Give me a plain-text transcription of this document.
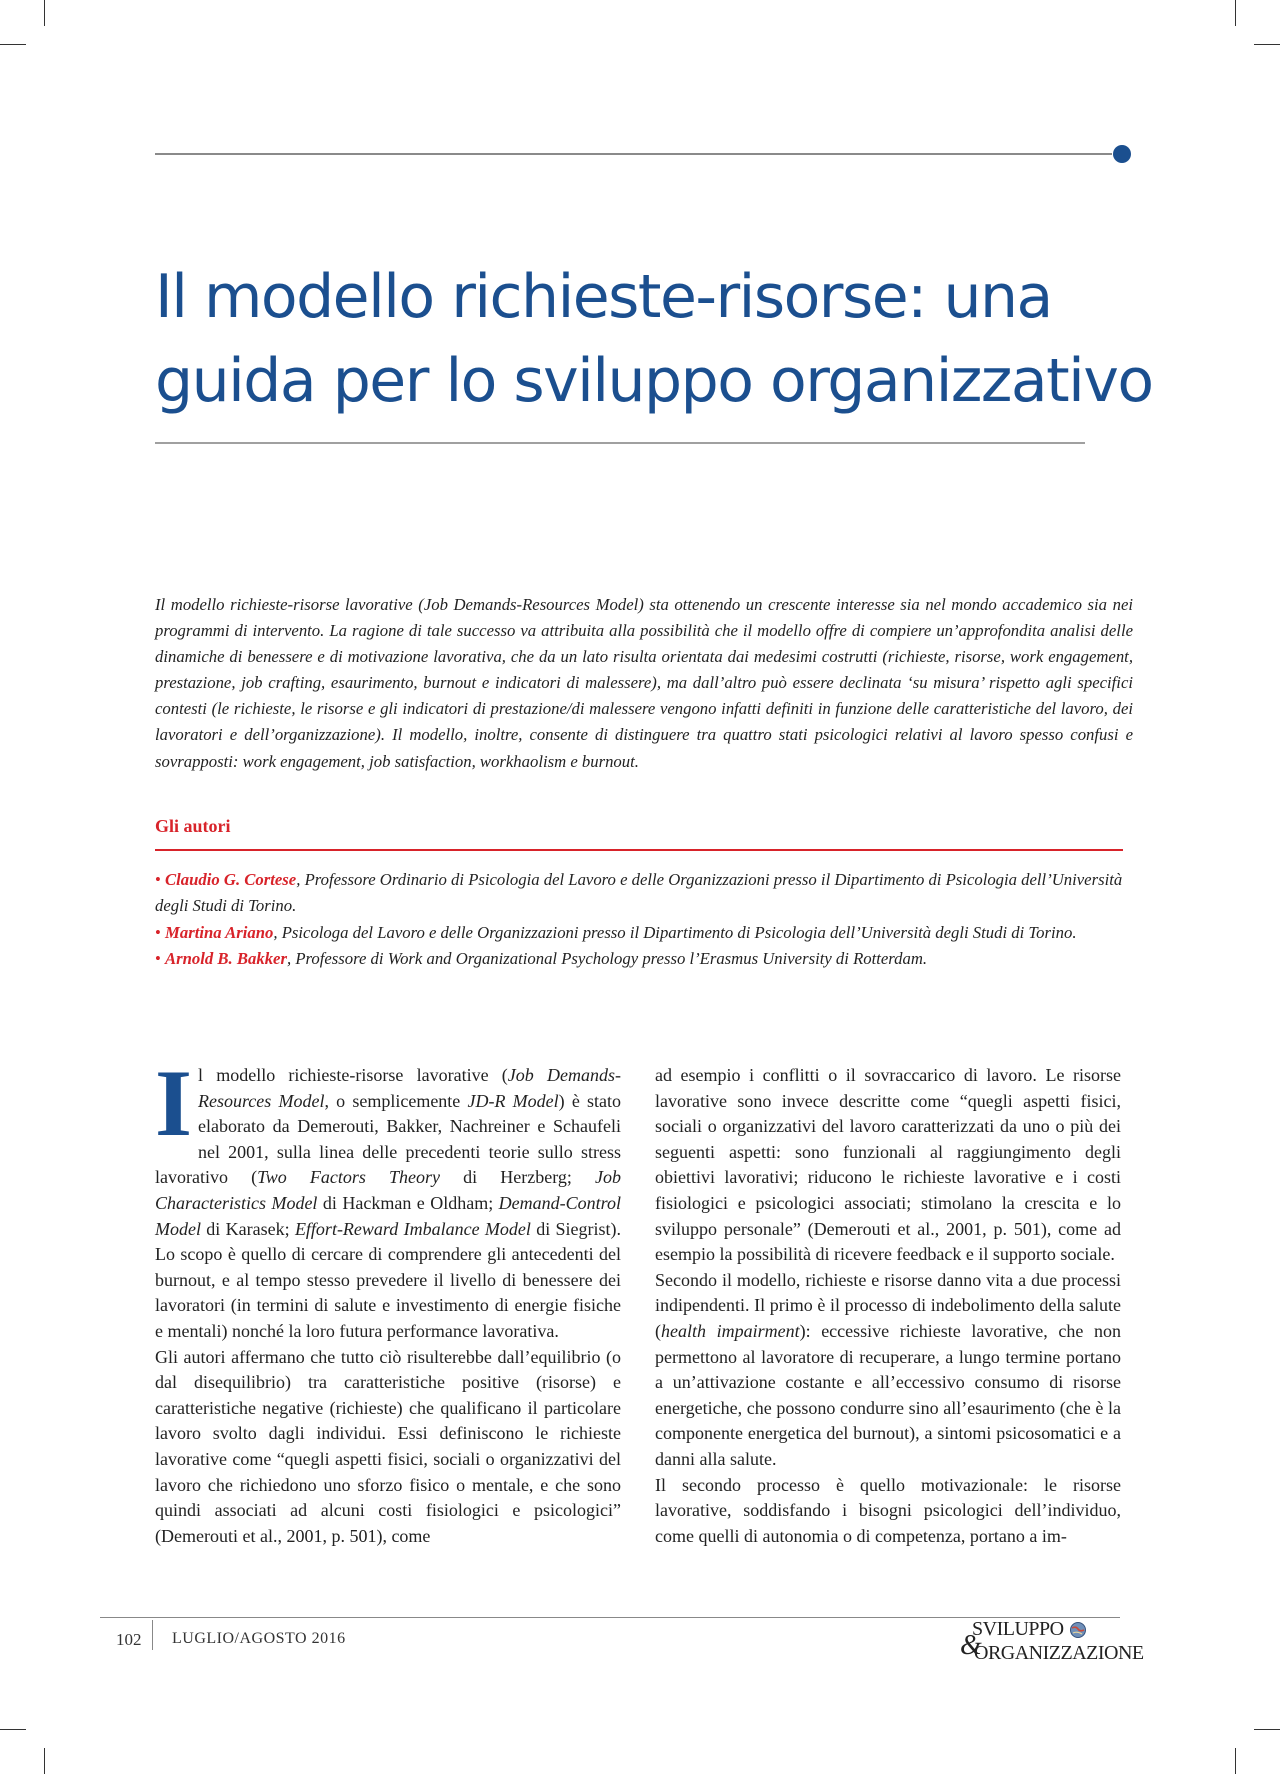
Il modello richieste-risorse: una guida per lo sviluppo organizzativo

Il modello richieste-risorse lavorative (Job Demands-Resources Model) sta ottenendo un crescente interesse sia nel mondo accademico sia nei programmi di intervento. La ragione di tale successo va attribuita alla possibilità che il modello offre di compiere un’approfondita analisi delle dinamiche di benessere e di motivazione lavorativa, che da un lato risulta orientata dai medesimi costrutti (richieste, risorse, work engagement, prestazione, job crafting, esaurimento, burnout e indicatori di malessere), ma dall’altro può essere declinata ‘su misura’ rispetto agli specifici contesti (le richieste, le risorse e gli indicatori di prestazione/di malessere vengono infatti definiti in funzione delle caratteristiche del lavoro, dei lavoratori e dell’organizzazione). Il modello, inoltre, consente di distinguere tra quattro stati psicologici relativi al lavoro spesso confusi e sovrapposti: work engagement, job satisfaction, workhaolism e burnout.

Gli autori
• Claudio G. Cortese, Professore Ordinario di Psicologia del Lavoro e delle Organizzazioni presso il Dipartimento di Psicologia dell’Università degli Studi di Torino.
• Martina Ariano, Psicologa del Lavoro e delle Organizzazioni presso il Dipartimento di Psicologia dell’Università degli Studi di Torino.
• Arnold B. Bakker, Professore di Work and Organizational Psychology presso l’Erasmus University di Rotterdam.

Il modello richieste-risorse lavorative (Job Demands-Resources Model, o semplicemente JD-R Model) è stato elaborato da Demerouti, Bakker, Nachreiner e Schaufeli nel 2001, sulla linea delle precedenti teorie sullo stress lavorativo (Two Factors Theory di Herzberg; Job Characteristics Model di Hackman e Oldham; Demand-Control Model di Karasek; Effort-Reward Imbalance Model di Siegrist). Lo scopo è quello di cercare di comprendere gli antecedenti del burnout, e al tempo stesso prevedere il livello di benessere dei lavoratori (in termini di salute e investimento di energie fisiche e mentali) nonché la loro futura performance lavorativa.

Gli autori affermano che tutto ciò risulterebbe dall’equilibrio (o dal disequilibrio) tra caratteristiche positive (risorse) e caratteristiche negative (richieste) che qualificano il particolare lavoro svolto dagli individui. Essi definiscono le richieste lavorative come “quegli aspetti fisici, sociali o organizzativi del lavoro che richiedono uno sforzo fisico o mentale, e che sono quindi associati ad alcuni costi fisiologici e psicologici” (Demerouti et al., 2001, p. 501), come

ad esempio i conflitti o il sovraccarico di lavoro. Le risorse lavorative sono invece descritte come “quegli aspetti fisici, sociali o organizzativi del lavoro caratterizzati da uno o più dei seguenti aspetti: sono funzionali al raggiungimento degli obiettivi lavorativi; riducono le richieste lavorative e i costi fisiologici e psicologici associati; stimolano la crescita e lo sviluppo personale” (Demerouti et al., 2001, p. 501), come ad esempio la possibilità di ricevere feedback e il supporto sociale.

Secondo il modello, richieste e risorse danno vita a due processi indipendenti. Il primo è il processo di indebolimento della salute (health impairment): eccessive richieste lavorative, che non permettono al lavoratore di recuperare, a lungo termine portano a un’attivazione costante e all’eccessivo consumo di risorse energetiche, che possono condurre sino all’esaurimento (che è la componente energetica del burnout), a sintomi psicosomatici e a danni alla salute.

Il secondo processo è quello motivazionale: le risorse lavorative, soddisfando i bisogni psicologici dell’individuo, come quelli di autonomia o di competenza, portano a im-

102 LUGLIO/AGOSTO 2016	SVILUPPO
&
ORGANIZZAZIONE
